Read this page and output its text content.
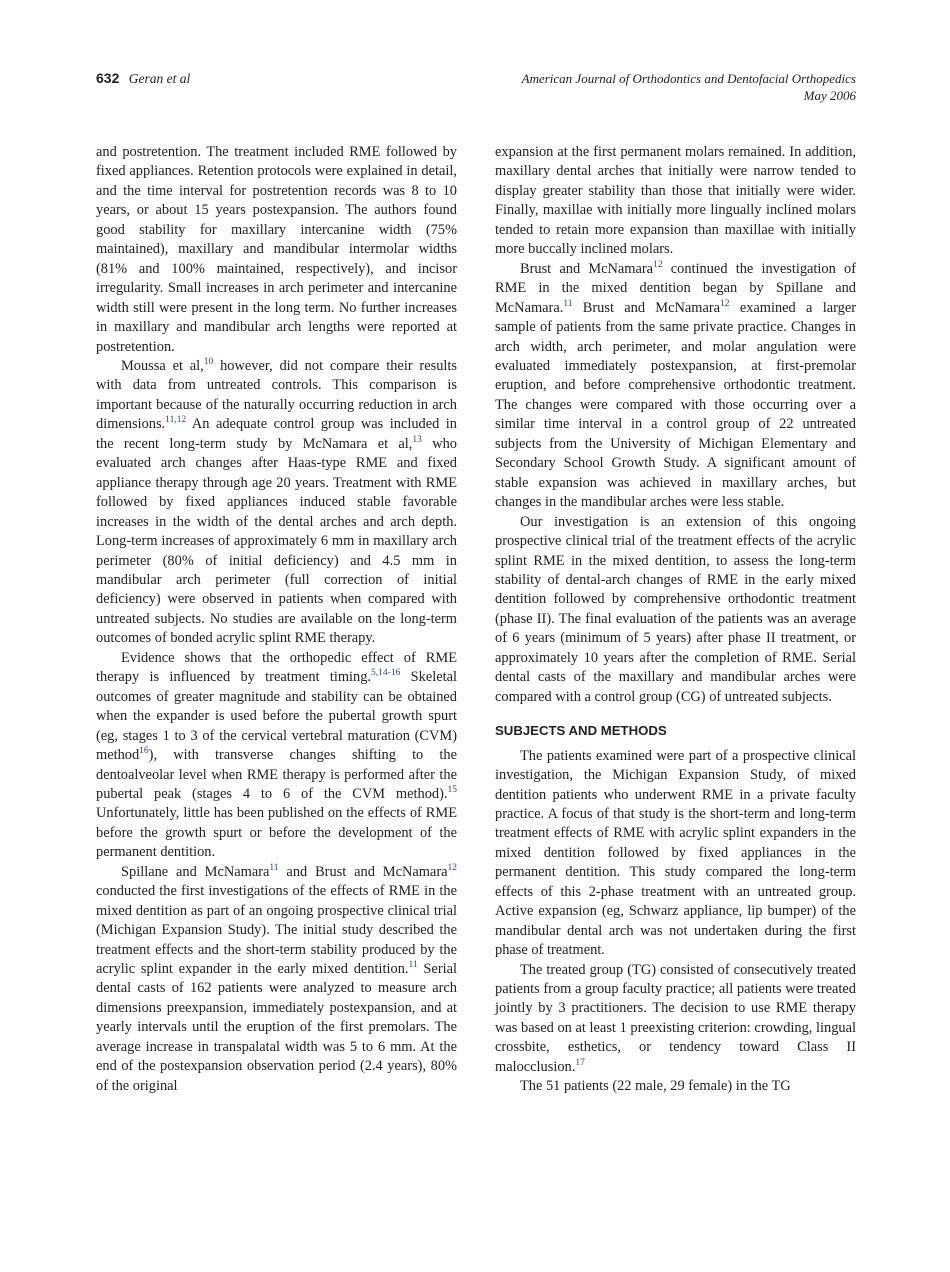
632 Geran et al	American Journal of Orthodontics and Dentofacial Orthopedics
May 2006

and postretention. The treatment included RME followed by fixed appliances. Retention protocols were explained in detail, and the time interval for postretention records was 8 to 10 years, or about 15 years postexpansion. The authors found good stability for maxillary intercanine width (75% maintained), maxillary and mandibular intermolar widths (81% and 100% maintained, respectively), and incisor irregularity. Small increases in arch perimeter and intercanine width still were present in the long term. No further increases in maxillary and mandibular arch lengths were reported at postretention.

Moussa et al,$^{10}$ however, did not compare their results with data from untreated controls. This comparison is important because of the naturally occurring reduction in arch dimensions.$^{11,12}$ An adequate control group was included in the recent long-term study by McNamara et al,$^{13}$ who evaluated arch changes after Haas-type RME and fixed appliance therapy through age 20 years. Treatment with RME followed by fixed appliances induced stable favorable increases in the width of the dental arches and arch depth. Long-term increases of approximately 6 mm in maxillary arch perimeter (80% of initial deficiency) and 4.5 mm in mandibular arch perimeter (full correction of initial deficiency) were observed in patients when compared with untreated subjects. No studies are available on the long-term outcomes of bonded acrylic splint RME therapy.

Evidence shows that the orthopedic effect of RME therapy is influenced by treatment timing.$^{5,14-16}$ Skeletal outcomes of greater magnitude and stability can be obtained when the expander is used before the pubertal growth spurt (eg, stages 1 to 3 of the cervical vertebral maturation (CVM) method$^{16}$), with transverse changes shifting to the dentoalveolar level when RME therapy is performed after the pubertal peak (stages 4 to 6 of the CVM method).$^{15}$ Unfortunately, little has been published on the effects of RME before the growth spurt or before the development of the permanent dentition.

Spillane and McNamara$^{11}$ and Brust and McNamara$^{12}$ conducted the first investigations of the effects of RME in the mixed dentition as part of an ongoing prospective clinical trial (Michigan Expansion Study). The initial study described the treatment effects and the short-term stability produced by the acrylic splint expander in the early mixed dentition.$^{11}$ Serial dental casts of 162 patients were analyzed to measure arch dimensions preexpansion, immediately postexpansion, and at yearly intervals until the eruption of the first premolars. The average increase in transpalatal width was 5 to 6 mm. At the end of the postexpansion observation period (2.4 years), 80% of the original

expansion at the first permanent molars remained. In addition, maxillary dental arches that initially were narrow tended to display greater stability than those that initially were wider. Finally, maxillae with initially more lingually inclined molars tended to retain more expansion than maxillae with initially more buccally inclined molars.

Brust and McNamara$^{12}$ continued the investigation of RME in the mixed dentition began by Spillane and McNamara.$^{11}$ Brust and McNamara$^{12}$ examined a larger sample of patients from the same private practice. Changes in arch width, arch perimeter, and molar angulation were evaluated immediately postexpansion, at first-premolar eruption, and before comprehensive orthodontic treatment. The changes were compared with those occurring over a similar time interval in a control group of 22 untreated subjects from the University of Michigan Elementary and Secondary School Growth Study. A significant amount of stable expansion was achieved in maxillary arches, but changes in the mandibular arches were less stable.

Our investigation is an extension of this ongoing prospective clinical trial of the treatment effects of the acrylic splint RME in the mixed dentition, to assess the long-term stability of dental-arch changes of RME in the early mixed dentition followed by comprehensive orthodontic treatment (phase II). The final evaluation of the patients was an average of 6 years (minimum of 5 years) after phase II treatment, or approximately 10 years after the completion of RME. Serial dental casts of the maxillary and mandibular arches were compared with a control group (CG) of untreated subjects.

SUBJECTS AND METHODS

The patients examined were part of a prospective clinical investigation, the Michigan Expansion Study, of mixed dentition patients who underwent RME in a private faculty practice. A focus of that study is the short-term and long-term treatment effects of RME with acrylic splint expanders in the mixed dentition followed by fixed appliances in the permanent dentition. This study compared the long-term effects of this 2-phase treatment with an untreated group. Active expansion (eg, Schwarz appliance, lip bumper) of the mandibular dental arch was not undertaken during the first phase of treatment.

The treated group (TG) consisted of consecutively treated patients from a group faculty practice; all patients were treated jointly by 3 practitioners. The decision to use RME therapy was based on at least 1 preexisting criterion: crowding, lingual crossbite, esthetics, or tendency toward Class II malocclusion.$^{17}$

The 51 patients (22 male, 29 female) in the TG
